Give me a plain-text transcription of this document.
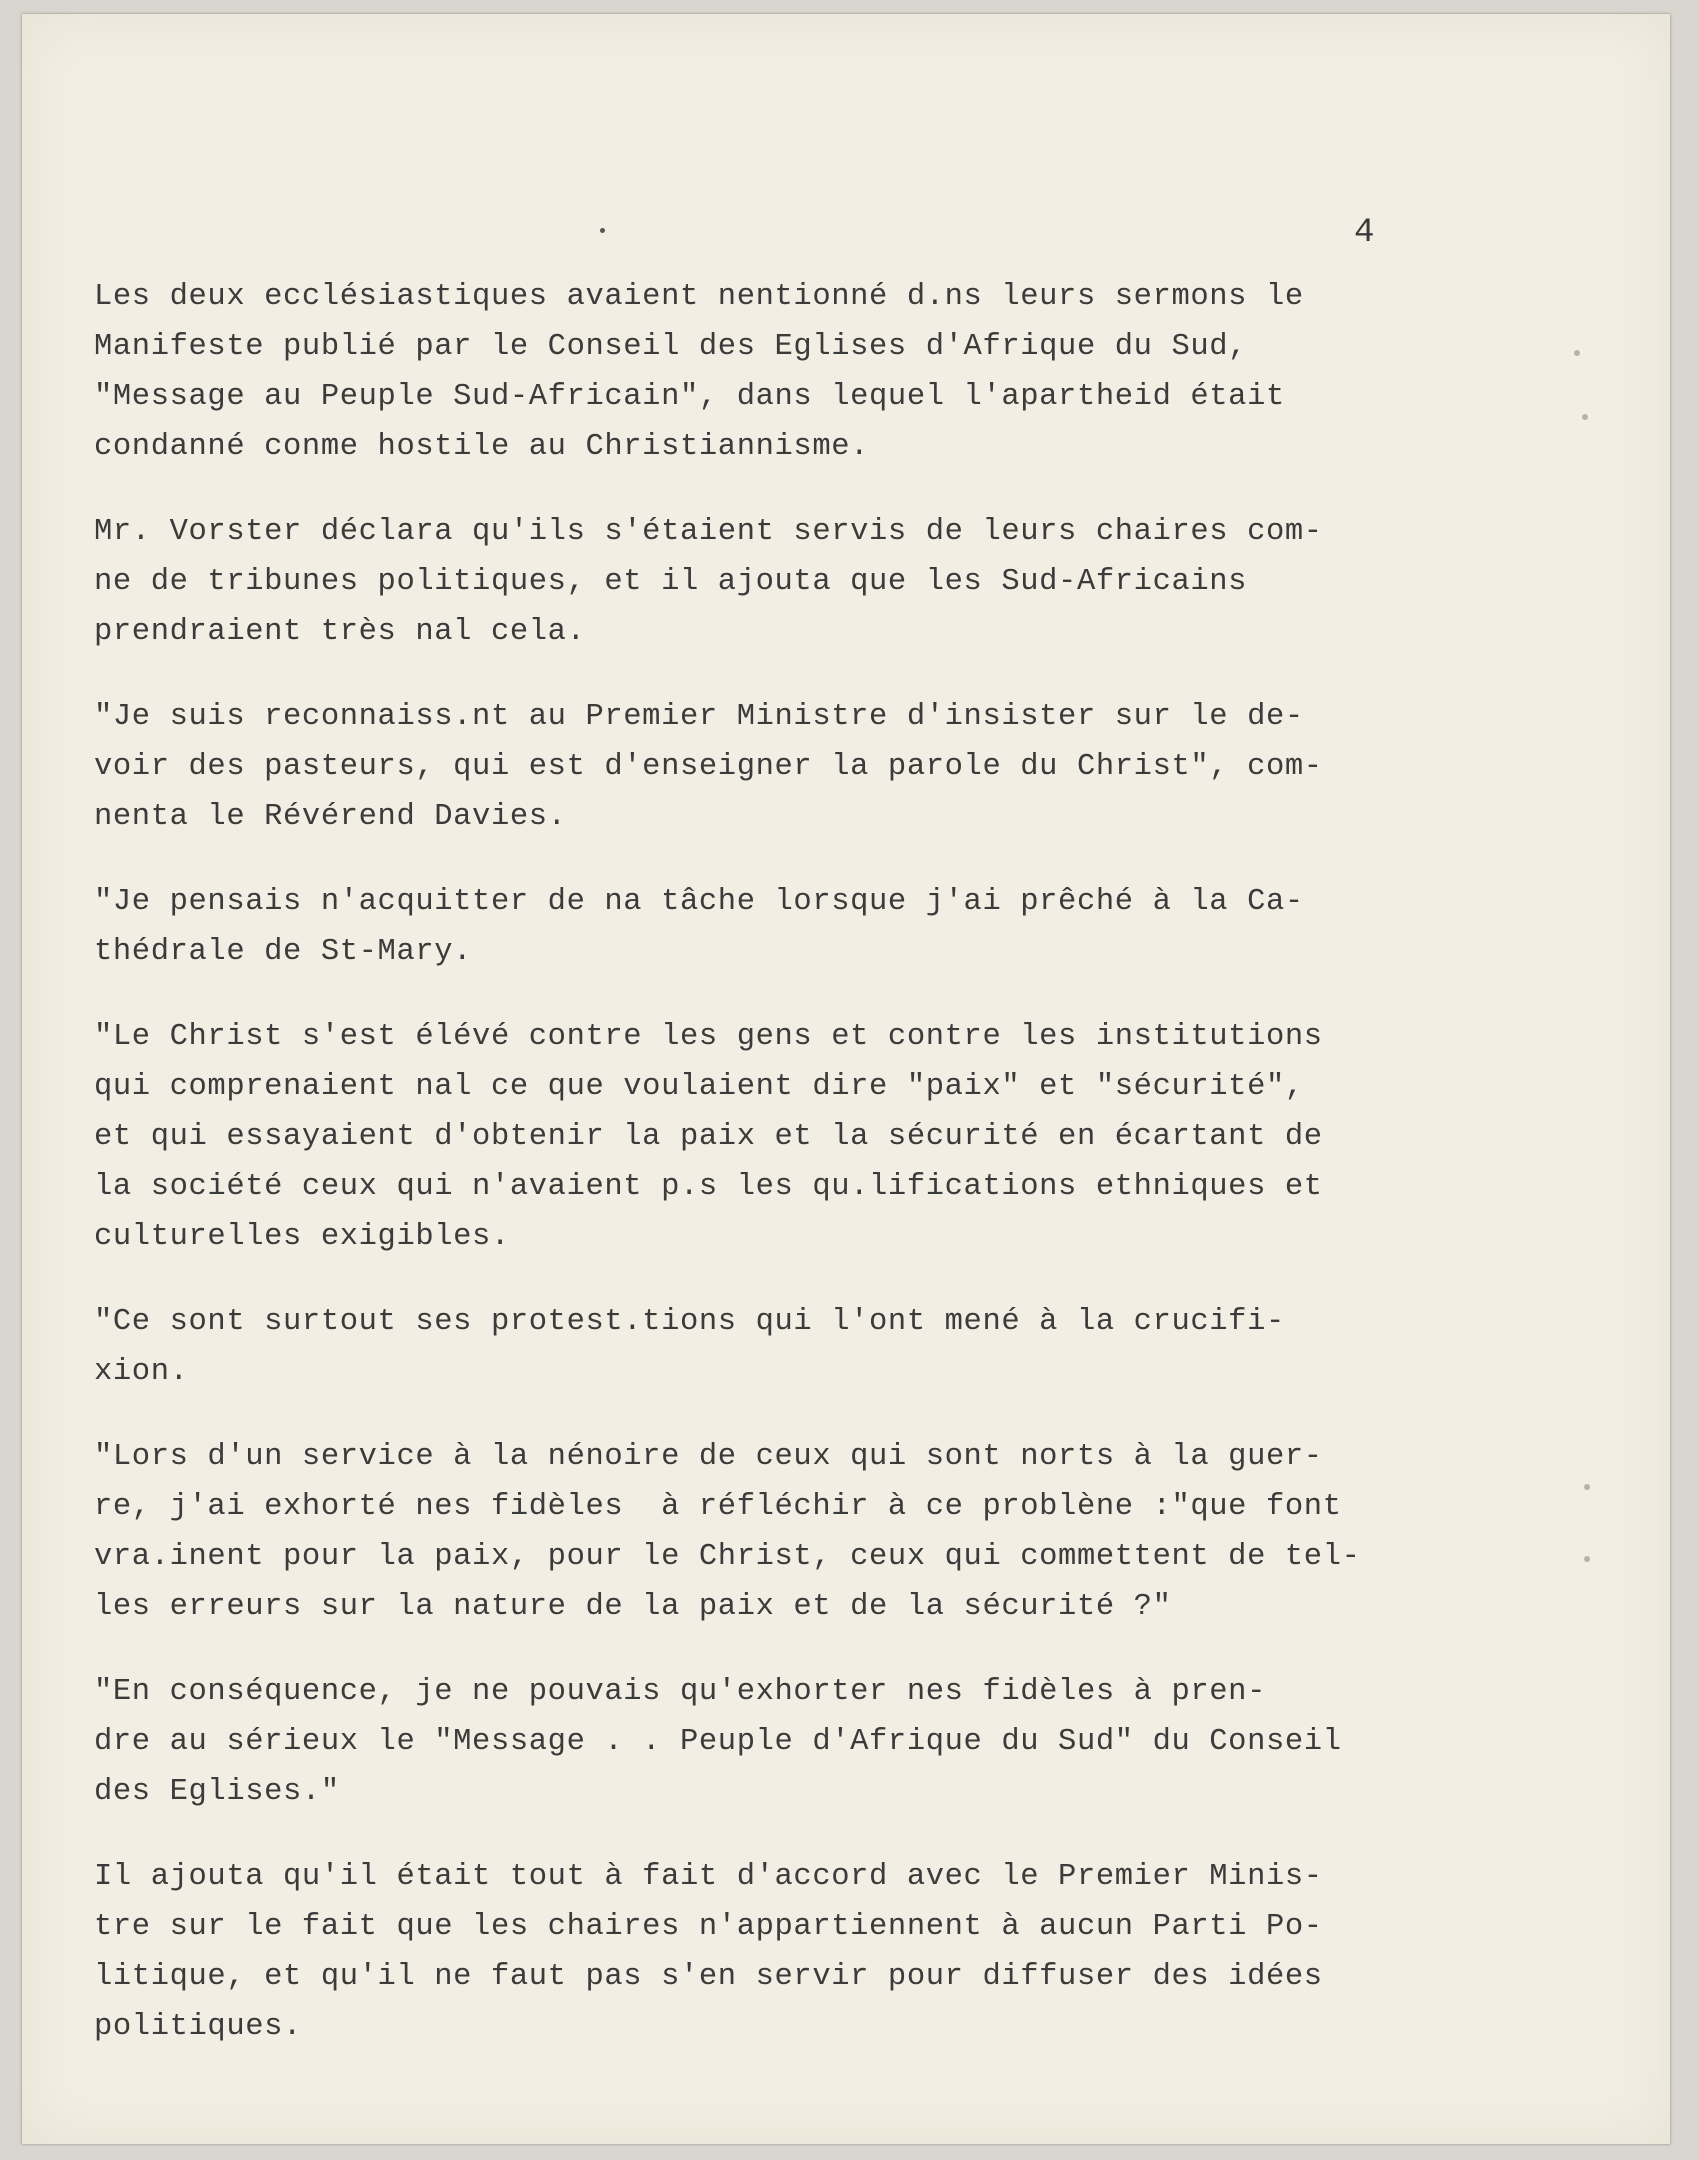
4
Les deux ecclésiastiques avaient nentionné d.ns leurs sermons le
Manifeste publié par le Conseil des Eglises d'Afrique du Sud,
"Message au Peuple Sud-Africain", dans lequel l'apartheid était
condanné conme hostile au Christiannisme.
Mr. Vorster déclara qu'ils s'étaient servis de leurs chaires com-
ne de tribunes politiques, et il ajouta que les Sud-Africains
prendraient très nal cela.
"Je suis reconnaiss.nt au Premier Ministre d'insister sur le de-
voir des pasteurs, qui est d'enseigner la parole du Christ", com-
nenta le Révérend Davies.
"Je pensais n'acquitter de na tâche lorsque j'ai prêché à la Ca-
thédrale de St-Mary.
"Le Christ s'est élévé contre les gens et contre les institutions
qui comprenaient nal ce que voulaient dire "paix" et "sécurité",
et qui essayaient d'obtenir la paix et la sécurité en écartant de
la société ceux qui n'avaient p.s les qu.lifications ethniques et
culturelles exigibles.
"Ce sont surtout ses protest.tions qui l'ont mené à la crucifi-
xion.
"Lors d'un service à la nénoire de ceux qui sont norts à la guer-
re, j'ai exhorté nes fidèles  à réfléchir à ce problène :"que font
vra.inent pour la paix, pour le Christ, ceux qui commettent de tel-
les erreurs sur la nature de la paix et de la sécurité ?"
"En conséquence, je ne pouvais qu'exhorter nes fidèles à pren-
dre au sérieux le "Message . . Peuple d'Afrique du Sud" du Conseil
des Eglises."
Il ajouta qu'il était tout à fait d'accord avec le Premier Minis-
tre sur le fait que les chaires n'appartiennent à aucun Parti Po-
litique, et qu'il ne faut pas s'en servir pour diffuser des idées
politiques.
